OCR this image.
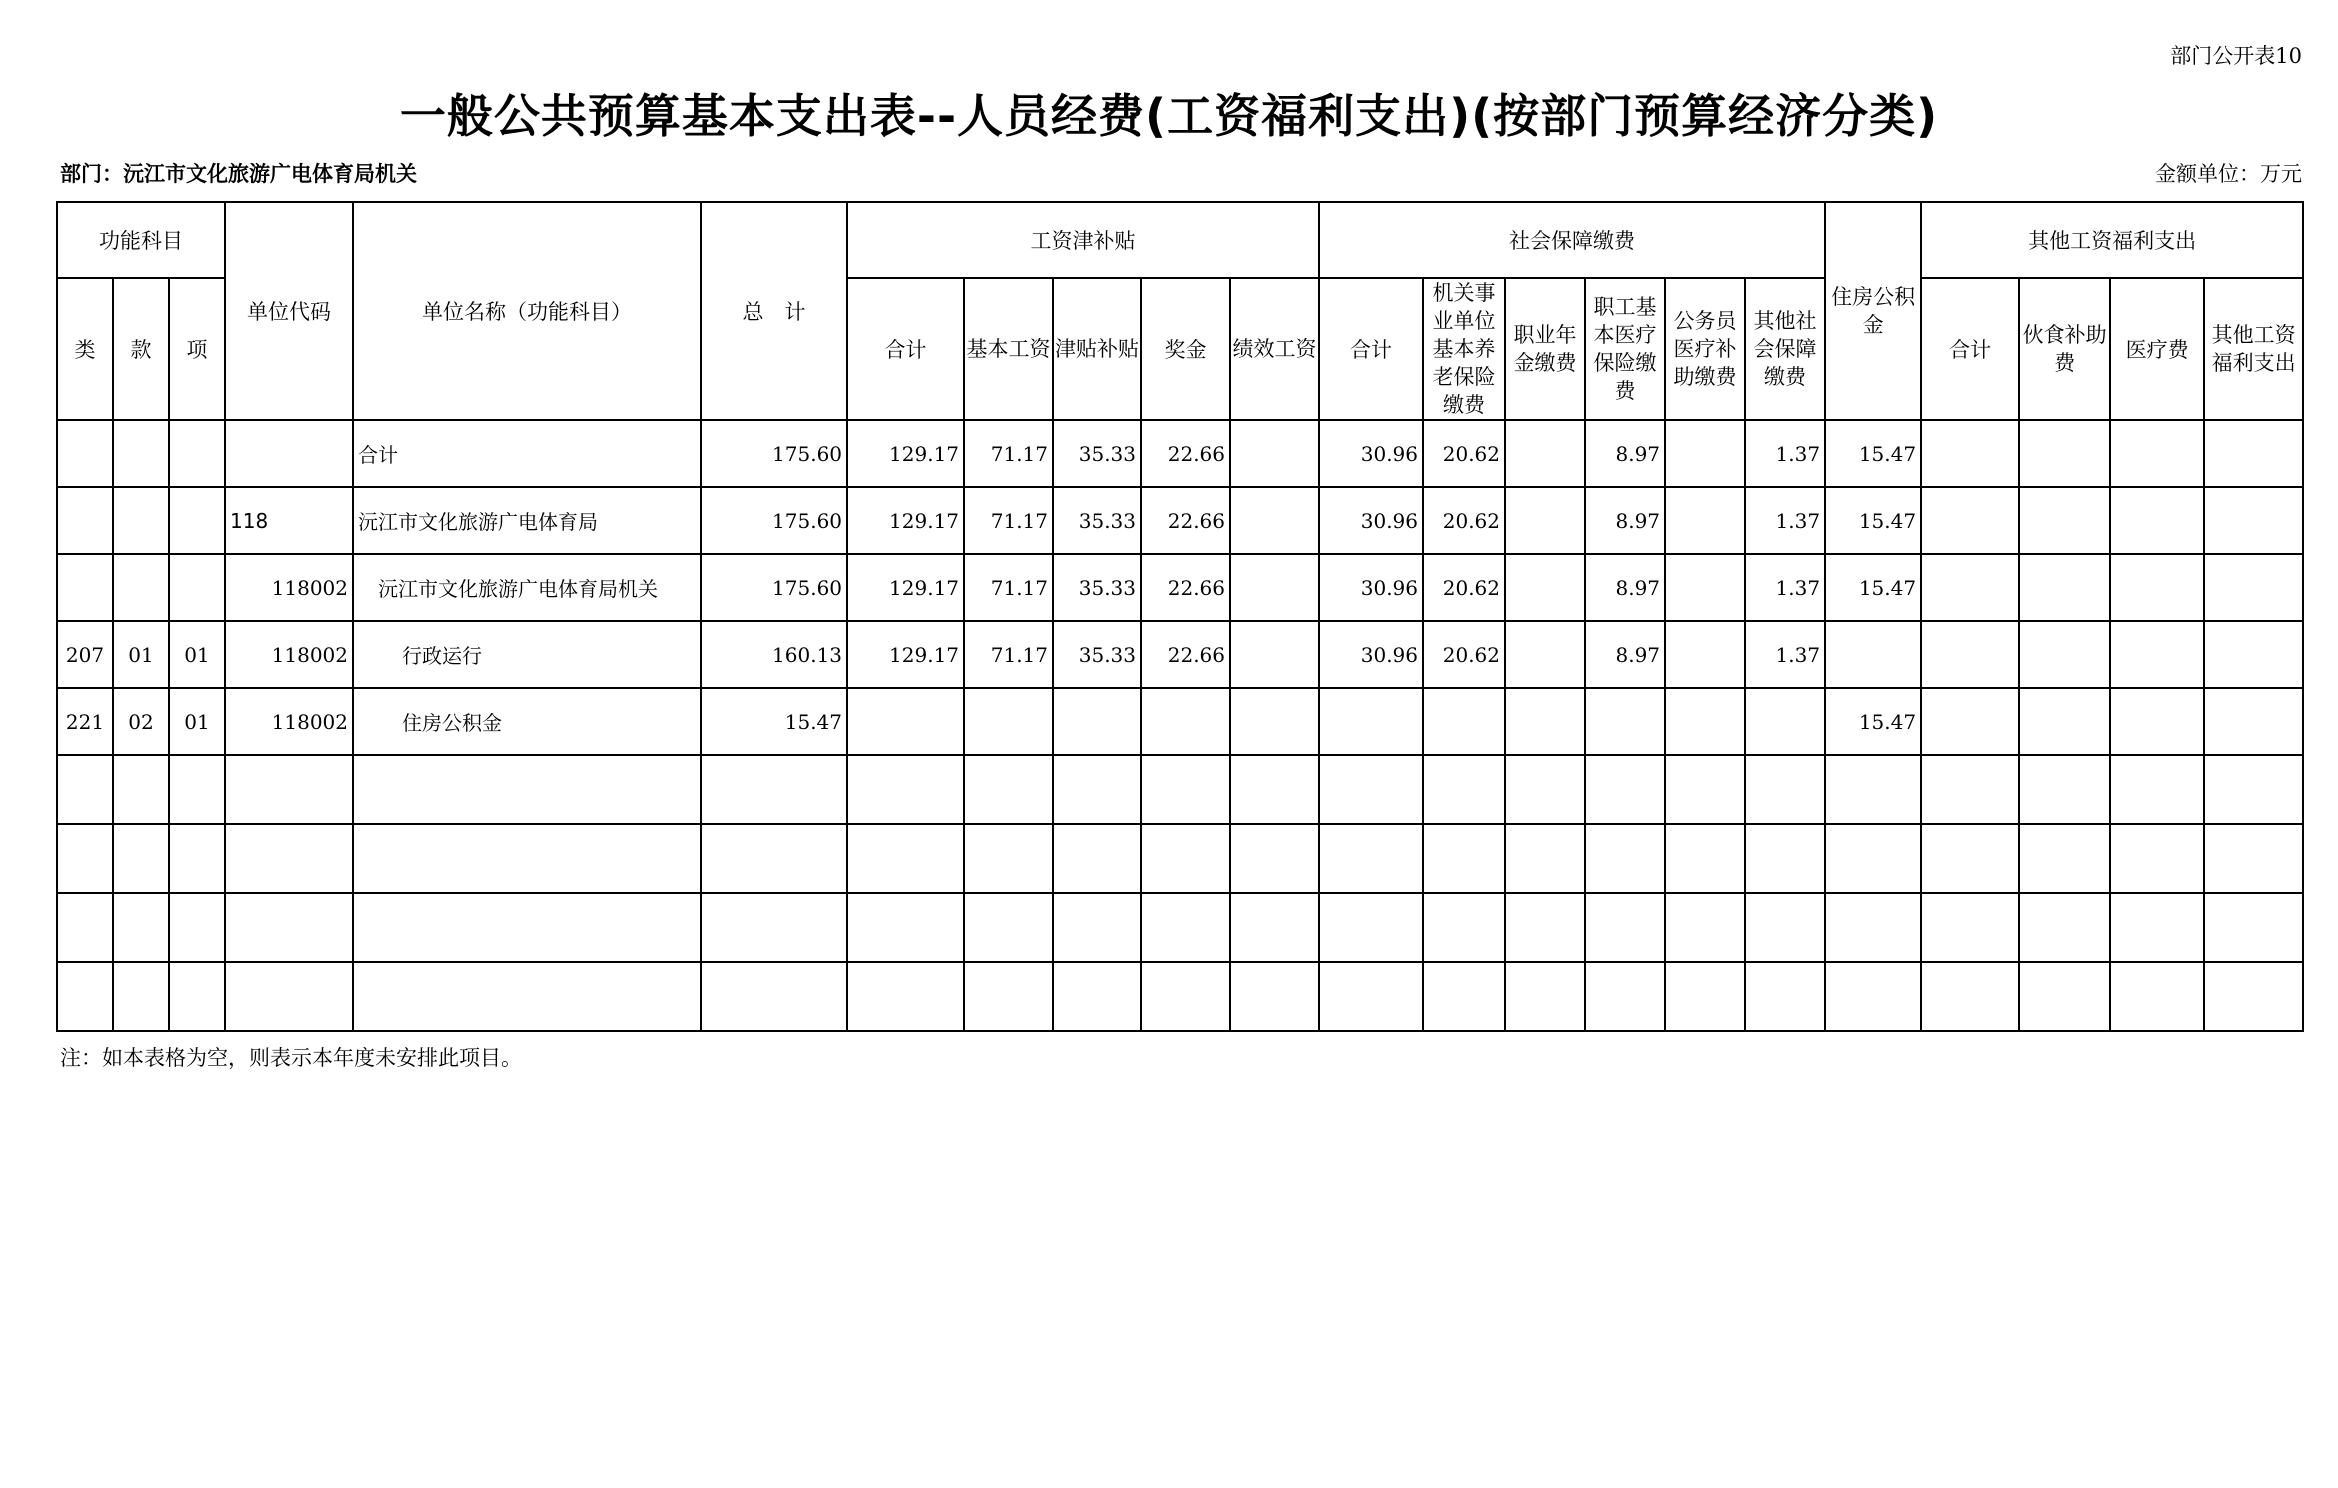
部门公开表10
一般公共预算基本支出表--人员经费(工资福利支出)(按部门预算经济分类)
部门：沅江市文化旅游广电体育局机关	金额单位：万元
功能科目			单位代码	单位名称（功能科目）	总　计	工资津补贴					社会保障缴费						住房公积金	其他工资福利支出			
类	款	项				合计	基本工资	津贴补贴	奖金	绩效工资	合计	机关事业单位基本养老保险缴费	职业年金缴费	职工基本医疗保险缴费	公务员医疗补助缴费	其他社会保障缴费		合计	伙食补助费	医疗费	其他工资福利支出
				合计	175.60	129.17	71.17	35.33	22.66		30.96	20.62		8.97		1.37	15.47				
			118	沅江市文化旅游广电体育局	175.60	129.17	71.17	35.33	22.66		30.96	20.62		8.97		1.37	15.47				
			118002	沅江市文化旅游广电体育局机关	175.60	129.17	71.17	35.33	22.66		30.96	20.62		8.97		1.37	15.47				
207	01	01	118002	行政运行	160.13	129.17	71.17	35.33	22.66		30.96	20.62		8.97		1.37					
221	02	01	118002	住房公积金	15.47												15.47				

注：如本表格为空，则表示本年度未安排此项目。
